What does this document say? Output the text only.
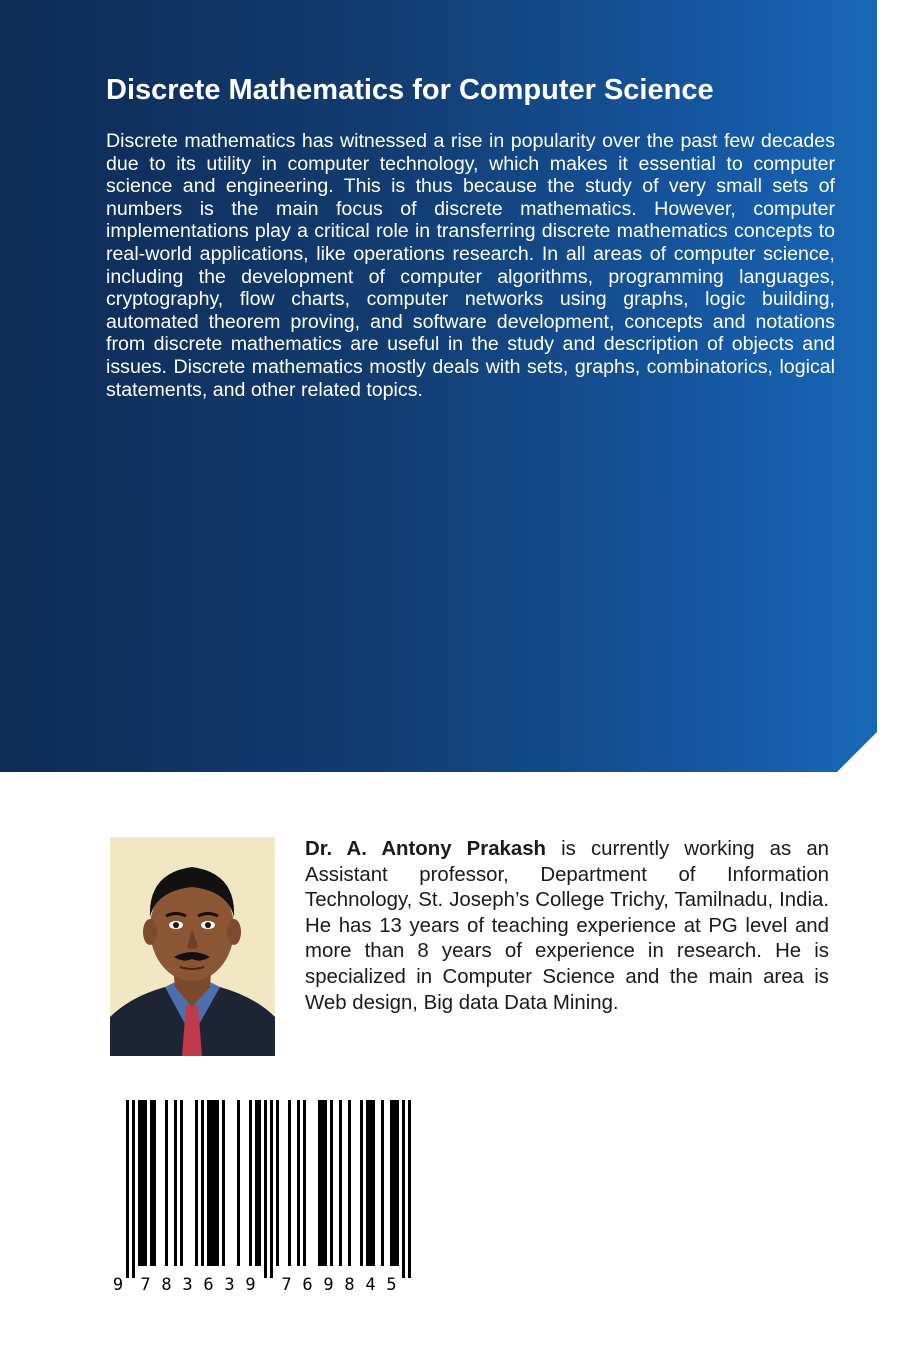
Discrete Mathematics for Computer Science

Discrete mathematics has witnessed a rise in popularity over the past few decades due to its utility in computer technology, which makes it essential to computer science and engineering. This is thus because the study of very small sets of numbers is the main focus of discrete mathematics. However, computer implementations play a critical role in transferring discrete mathematics concepts to real-world applications, like operations research. In all areas of computer science, including the development of computer algorithms, programming languages, cryptography, flow charts, computer networks using graphs, logic building, automated theorem proving, and software development, concepts and notations from discrete mathematics are useful in the study and description of objects and issues. Discrete mathematics mostly deals with sets, graphs, combinatorics, logical statements, and other related topics.

Dr. A. Antony Prakash is currently working as an Assistant professor, Department of Information Technology, St. Joseph’s College Trichy, Tamilnadu, India. He has 13 years of teaching experience at PG level and more than 8 years of experience in research. He is specialized in Computer Science and the main area is Web design, Big data Data Mining.

9 7 8 3 6 3 9 7 6 9 8 4 5
